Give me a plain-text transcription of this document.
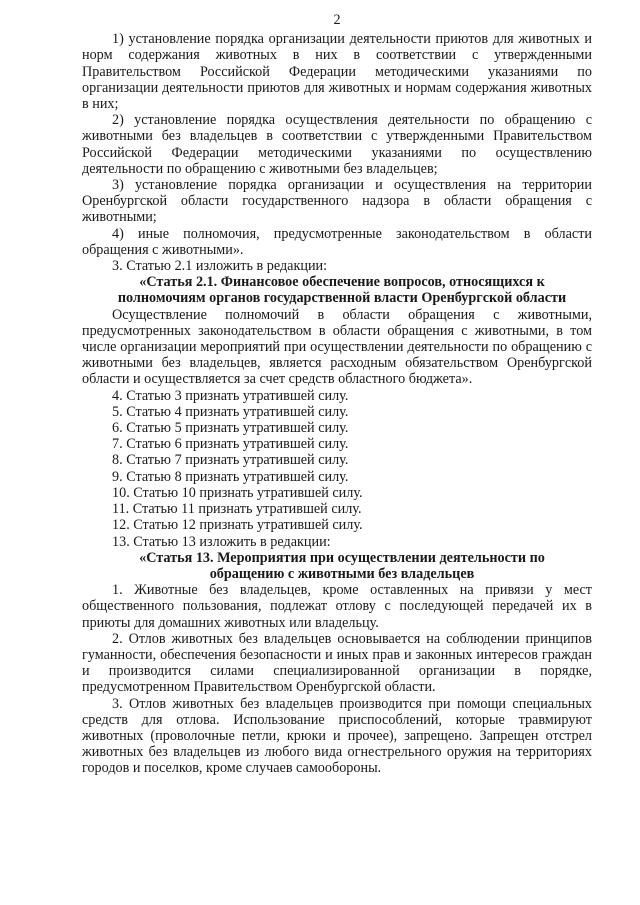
2

1) установление порядка организации деятельности приютов для животных и норм содержания животных в них в соответствии с утвержденными Правительством Российской Федерации методическими указаниями по организации деятельности приютов для животных и нормам содержания животных в них;

2) установление порядка осуществления деятельности по обращению с животными без владельцев в соответствии с утвержденными Правительством Российской Федерации методическими указаниями по осуществлению деятельности по обращению с животными без владельцев;

3) установление порядка организации и осуществления на территории Оренбургской области государственного надзора в области обращения с животными;

4) иные полномочия, предусмотренные законодательством в области обращения с животными».

3. Статью 2.1 изложить в редакции:

«Статья 2.1. Финансовое обеспечение вопросов, относящихся к полномочиям органов государственной власти Оренбургской области

Осуществление полномочий в области обращения с животными, предусмотренных законодательством в области обращения с животными, в том числе организации мероприятий при осуществлении деятельности по обращению с животными без владельцев, является расходным обязательством Оренбургской области и осуществляется за счет средств областного бюджета».

4. Статью 3 признать утратившей силу.

5. Статью 4 признать утратившей силу.

6. Статью 5 признать утратившей силу.

7. Статью 6 признать утратившей силу.

8. Статью 7 признать утратившей силу.

9. Статью 8 признать утратившей силу.

10. Статью 10 признать утратившей силу.

11. Статью 11 признать утратившей силу.

12. Статью 12 признать утратившей силу.

13. Статью 13 изложить в редакции:

«Статья 13. Мероприятия при осуществлении деятельности по обращению с животными без владельцев

1. Животные без владельцев, кроме оставленных на привязи у мест общественного пользования, подлежат отлову с последующей передачей их в приюты для домашних животных или владельцу.

2. Отлов животных без владельцев основывается на соблюдении принципов гуманности, обеспечения безопасности и иных прав и законных интересов граждан и производится силами специализированной организации в порядке, предусмотренном Правительством Оренбургской области.

3. Отлов животных без владельцев производится при помощи специальных средств для отлова. Использование приспособлений, которые травмируют животных (проволочные петли, крюки и прочее), запрещено. Запрещен отстрел животных без владельцев из любого вида огнестрельного оружия на территориях городов и поселков, кроме случаев самообороны.
